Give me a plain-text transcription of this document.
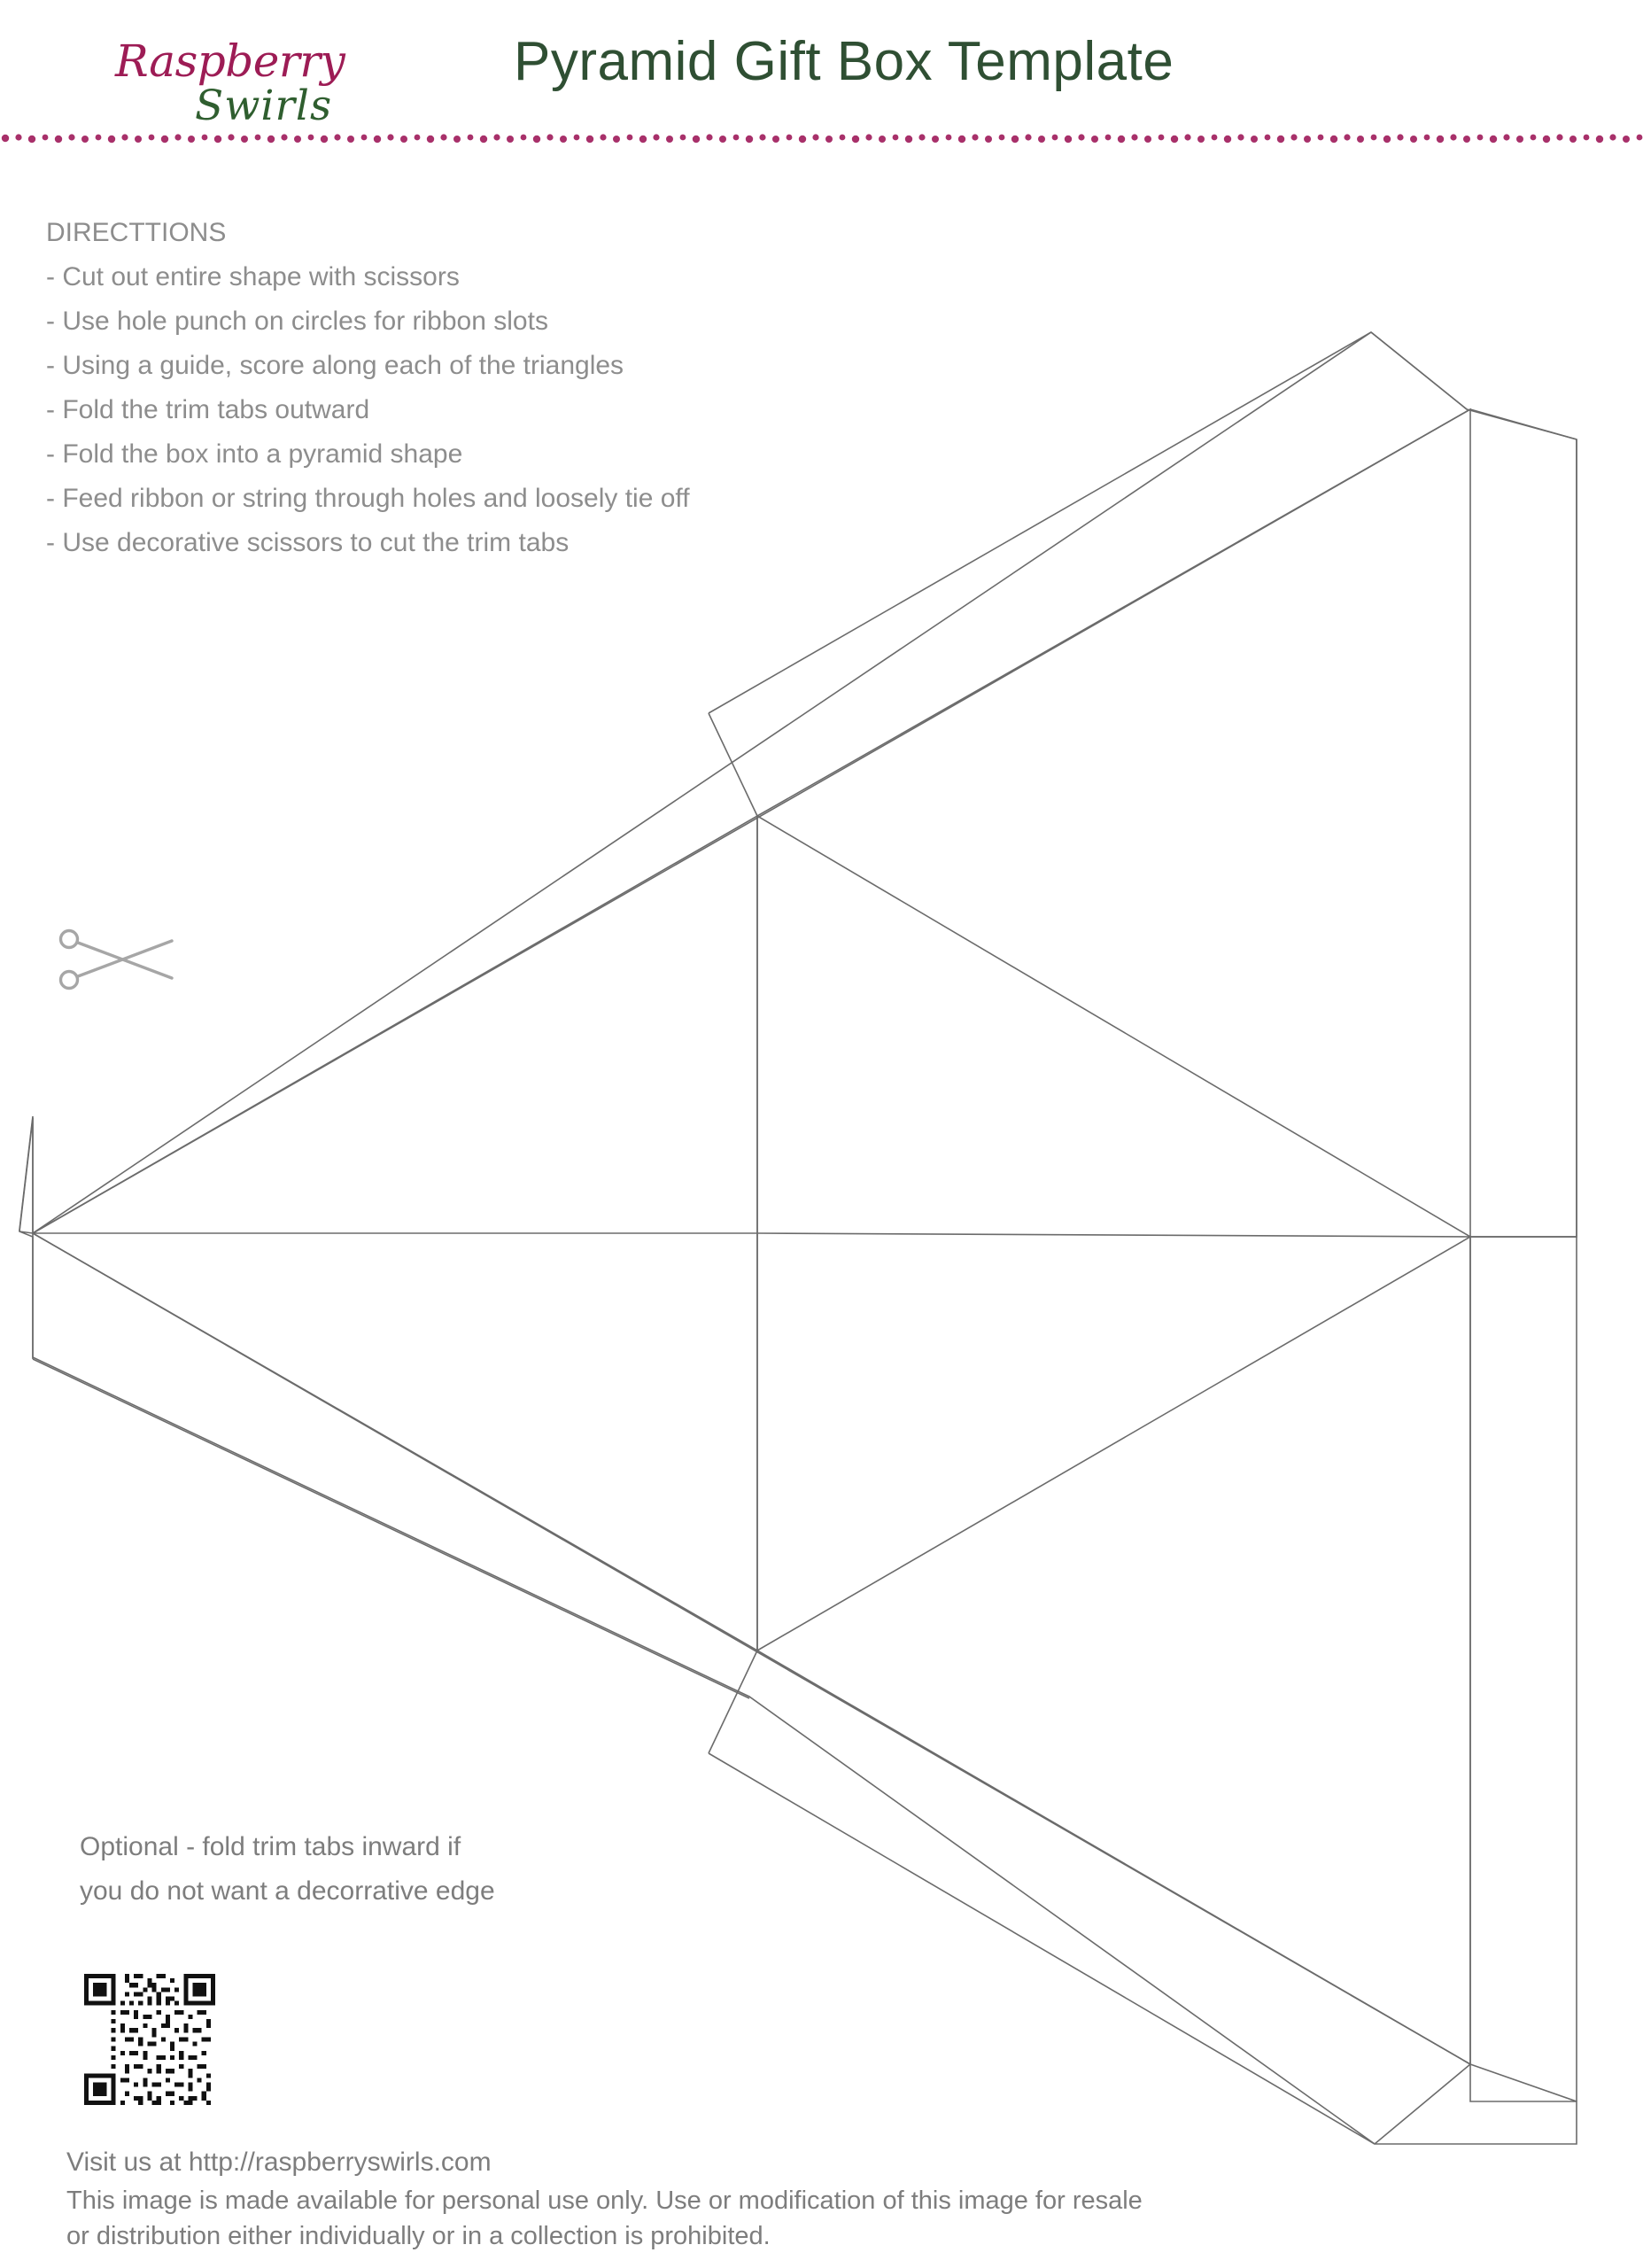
Raspberry
Swirls
Pyramid Gift Box Template
DIRECTTIONS
- Cut out entire shape with scissors
- Use hole punch on circles for ribbon slots
- Using a guide, score along each of the triangles
- Fold the trim tabs outward
- Fold the box into a pyramid shape
- Feed ribbon or string through holes and loosely tie off
- Use decorative scissors to cut the trim tabs
Optional - fold trim tabs inward if
you do not want a decorrative edge
Visit us at http://raspberryswirls.com
This image is made available for personal use only. Use or modification of this image for resale
or distribution either individually or in a collection is prohibited.
